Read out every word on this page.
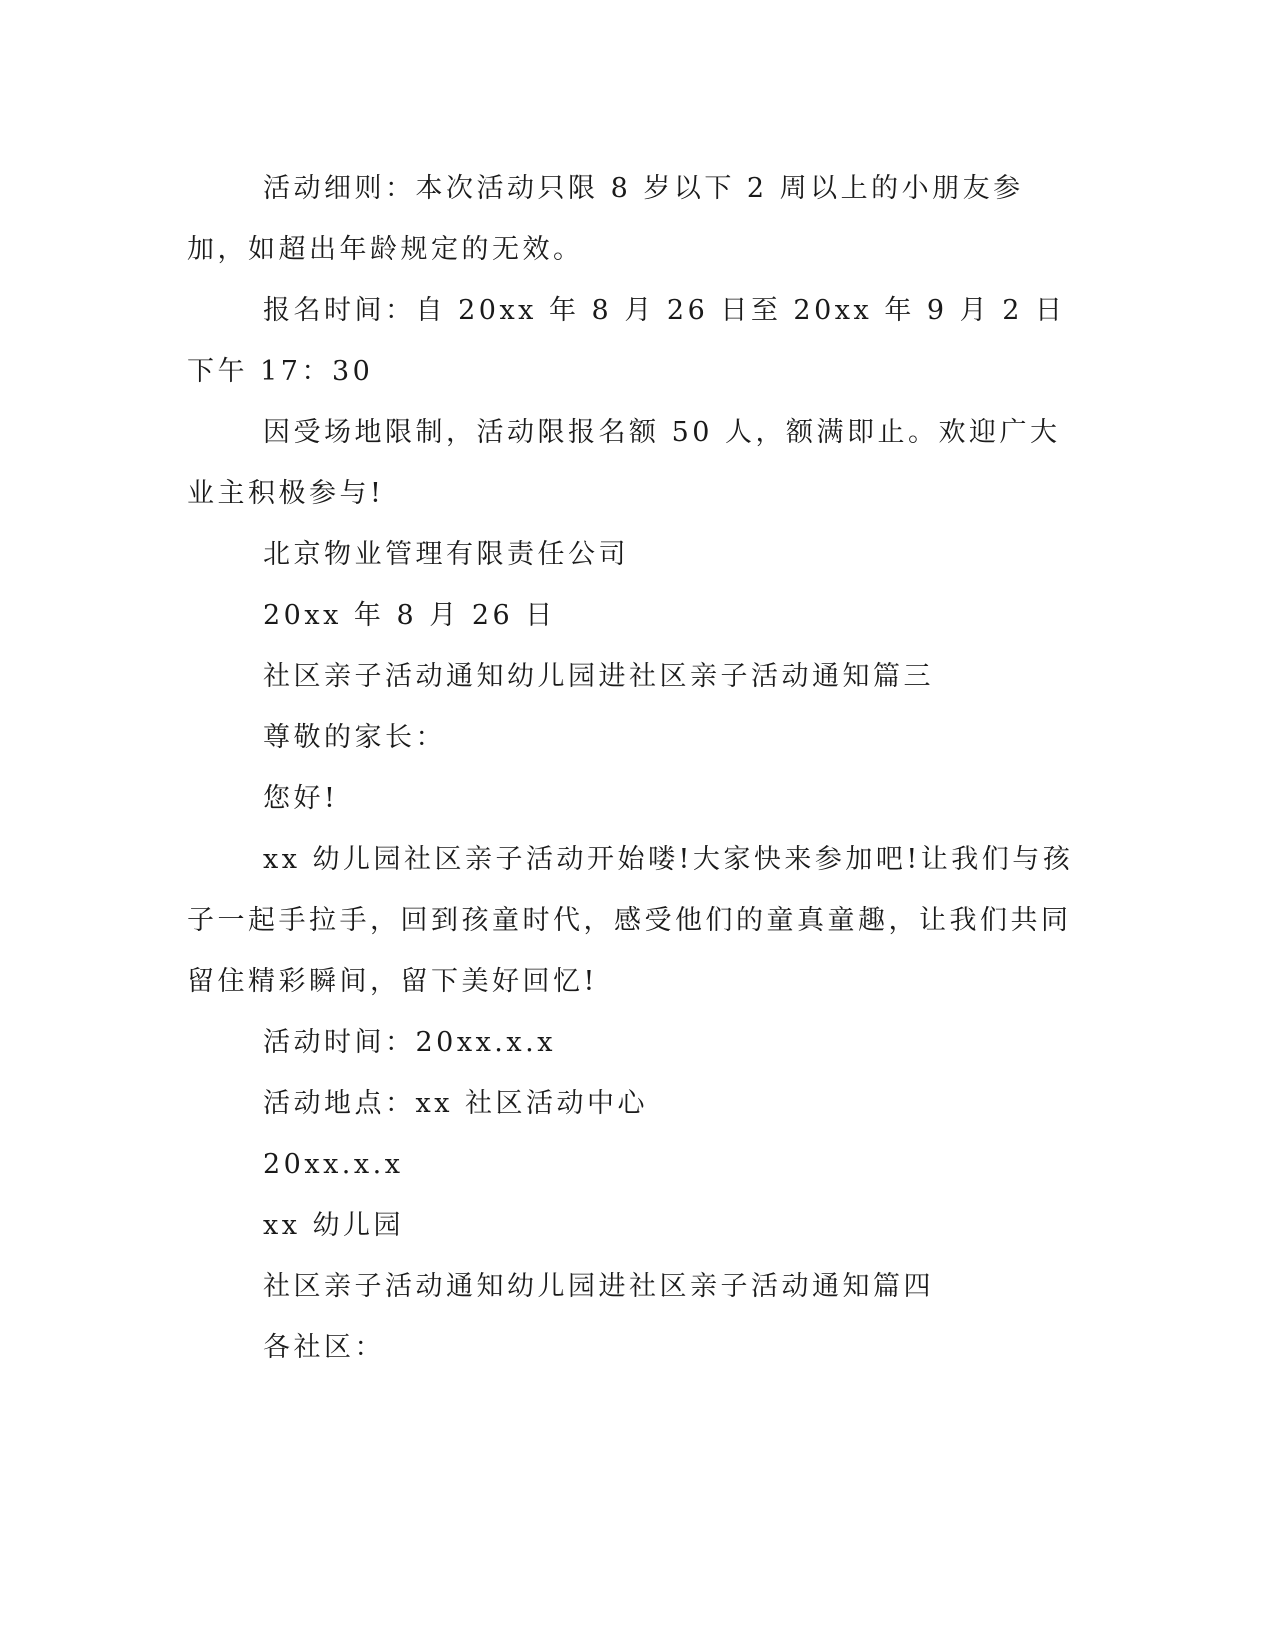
活动细则：本次活动只限 8 岁以下 2 周以上的小朋友参加，如超出年龄规定的无效。

报名时间：自 20xx 年 8 月 26 日至 20xx 年 9 月 2 日下午 17：30

因受场地限制，活动限报名额 50 人，额满即止。欢迎广大业主积极参与!

北京物业管理有限责任公司

20xx 年 8 月 26 日

社区亲子活动通知幼儿园进社区亲子活动通知篇三

尊敬的家长：

您好!

xx 幼儿园社区亲子活动开始喽!大家快来参加吧!让我们与孩子一起手拉手，回到孩童时代，感受他们的童真童趣，让我们共同留住精彩瞬间，留下美好回忆!

活动时间：20xx.x.x

活动地点：xx 社区活动中心

20xx.x.x

xx 幼儿园

社区亲子活动通知幼儿园进社区亲子活动通知篇四

各社区：
